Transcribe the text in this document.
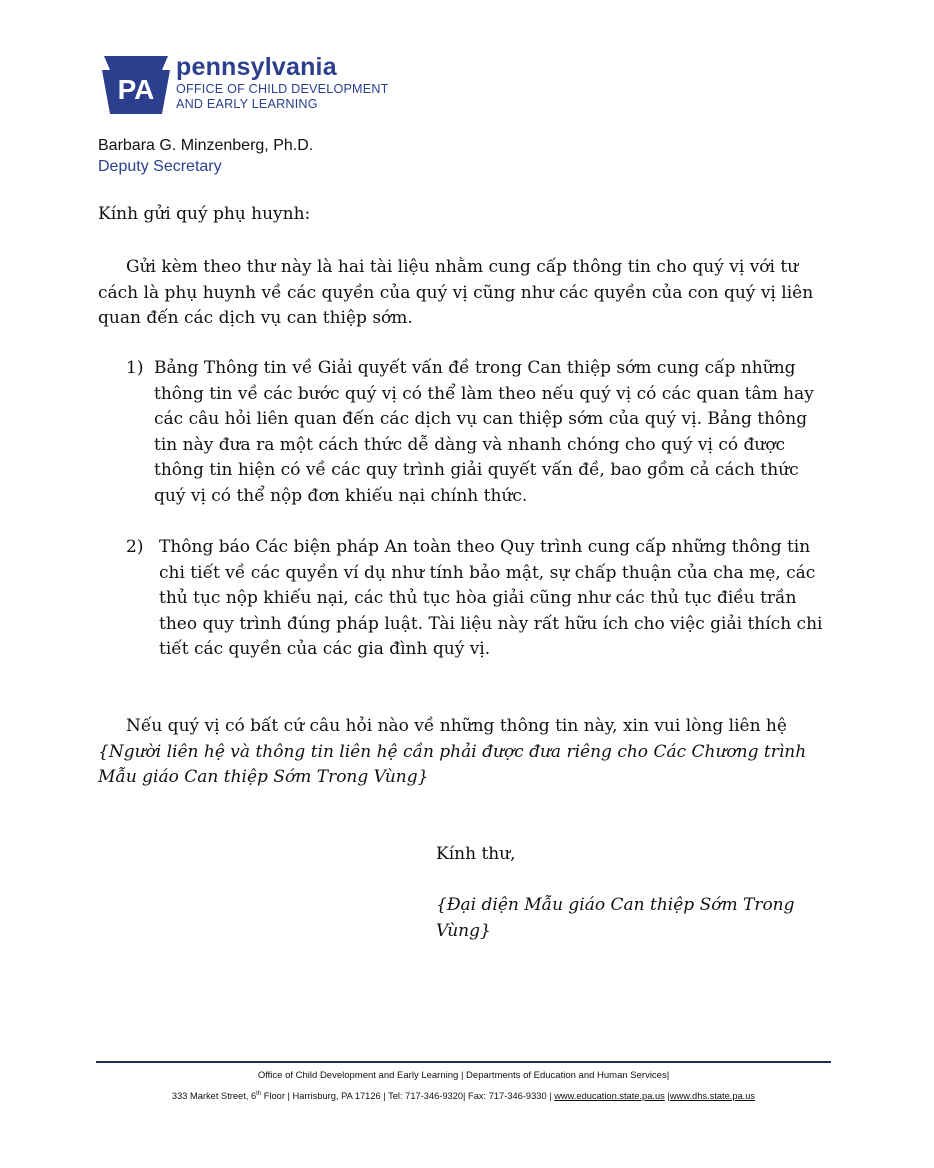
PA
pennsylvania
OFFICE OF CHILD DEVELOPMENT
AND EARLY LEARNING
Barbara G. Minzenberg, Ph.D.
Deputy Secretary

Kính gửi quý phụ huynh:

Gửi kèm theo thư này là hai tài liệu nhằm cung cấp thông tin cho quý vị với tư cách là phụ huynh về các quyền của quý vị cũng như các quyền của con quý vị liên quan đến các dịch vụ can thiệp sớm.

1) Bảng Thông tin về Giải quyết vấn đề trong Can thiệp sớm cung cấp những thông tin về các bước quý vị có thể làm theo nếu quý vị có các quan tâm hay các câu hỏi liên quan đến các dịch vụ can thiệp sớm của quý vị. Bảng thông tin này đưa ra một cách thức dễ dàng và nhanh chóng cho quý vị có được thông tin hiện có về các quy trình giải quyết vấn đề, bao gồm cả cách thức quý vị có thể nộp đơn khiếu nại chính thức.
2) Thông báo Các biện pháp An toàn theo Quy trình cung cấp những thông tin chi tiết về các quyền ví dụ như tính bảo mật, sự chấp thuận của cha mẹ, các thủ tục nộp khiếu nại, các thủ tục hòa giải cũng như các thủ tục điều trần theo quy trình đúng pháp luật. Tài liệu này rất hữu ích cho việc giải thích chi tiết các quyền của các gia đình quý vị.

Nếu quý vị có bất cứ câu hỏi nào về những thông tin này, xin vui lòng liên hệ {Người liên hệ và thông tin liên hệ cần phải được đưa riêng cho Các Chương trình Mẫu giáo Can thiệp Sớm Trong Vùng}

Kính thư,
{Đại diện Mẫu giáo Can thiệp Sớm Trong Vùng}
Office of Child Development and Early Learning | Departments of Education and Human Services|
333 Market Street, 6th Floor | Harrisburg, PA 17126 | Tel: 717-346-9320| Fax: 717-346-9330 | www.education.state.pa.us |www.dhs.state.pa.us
